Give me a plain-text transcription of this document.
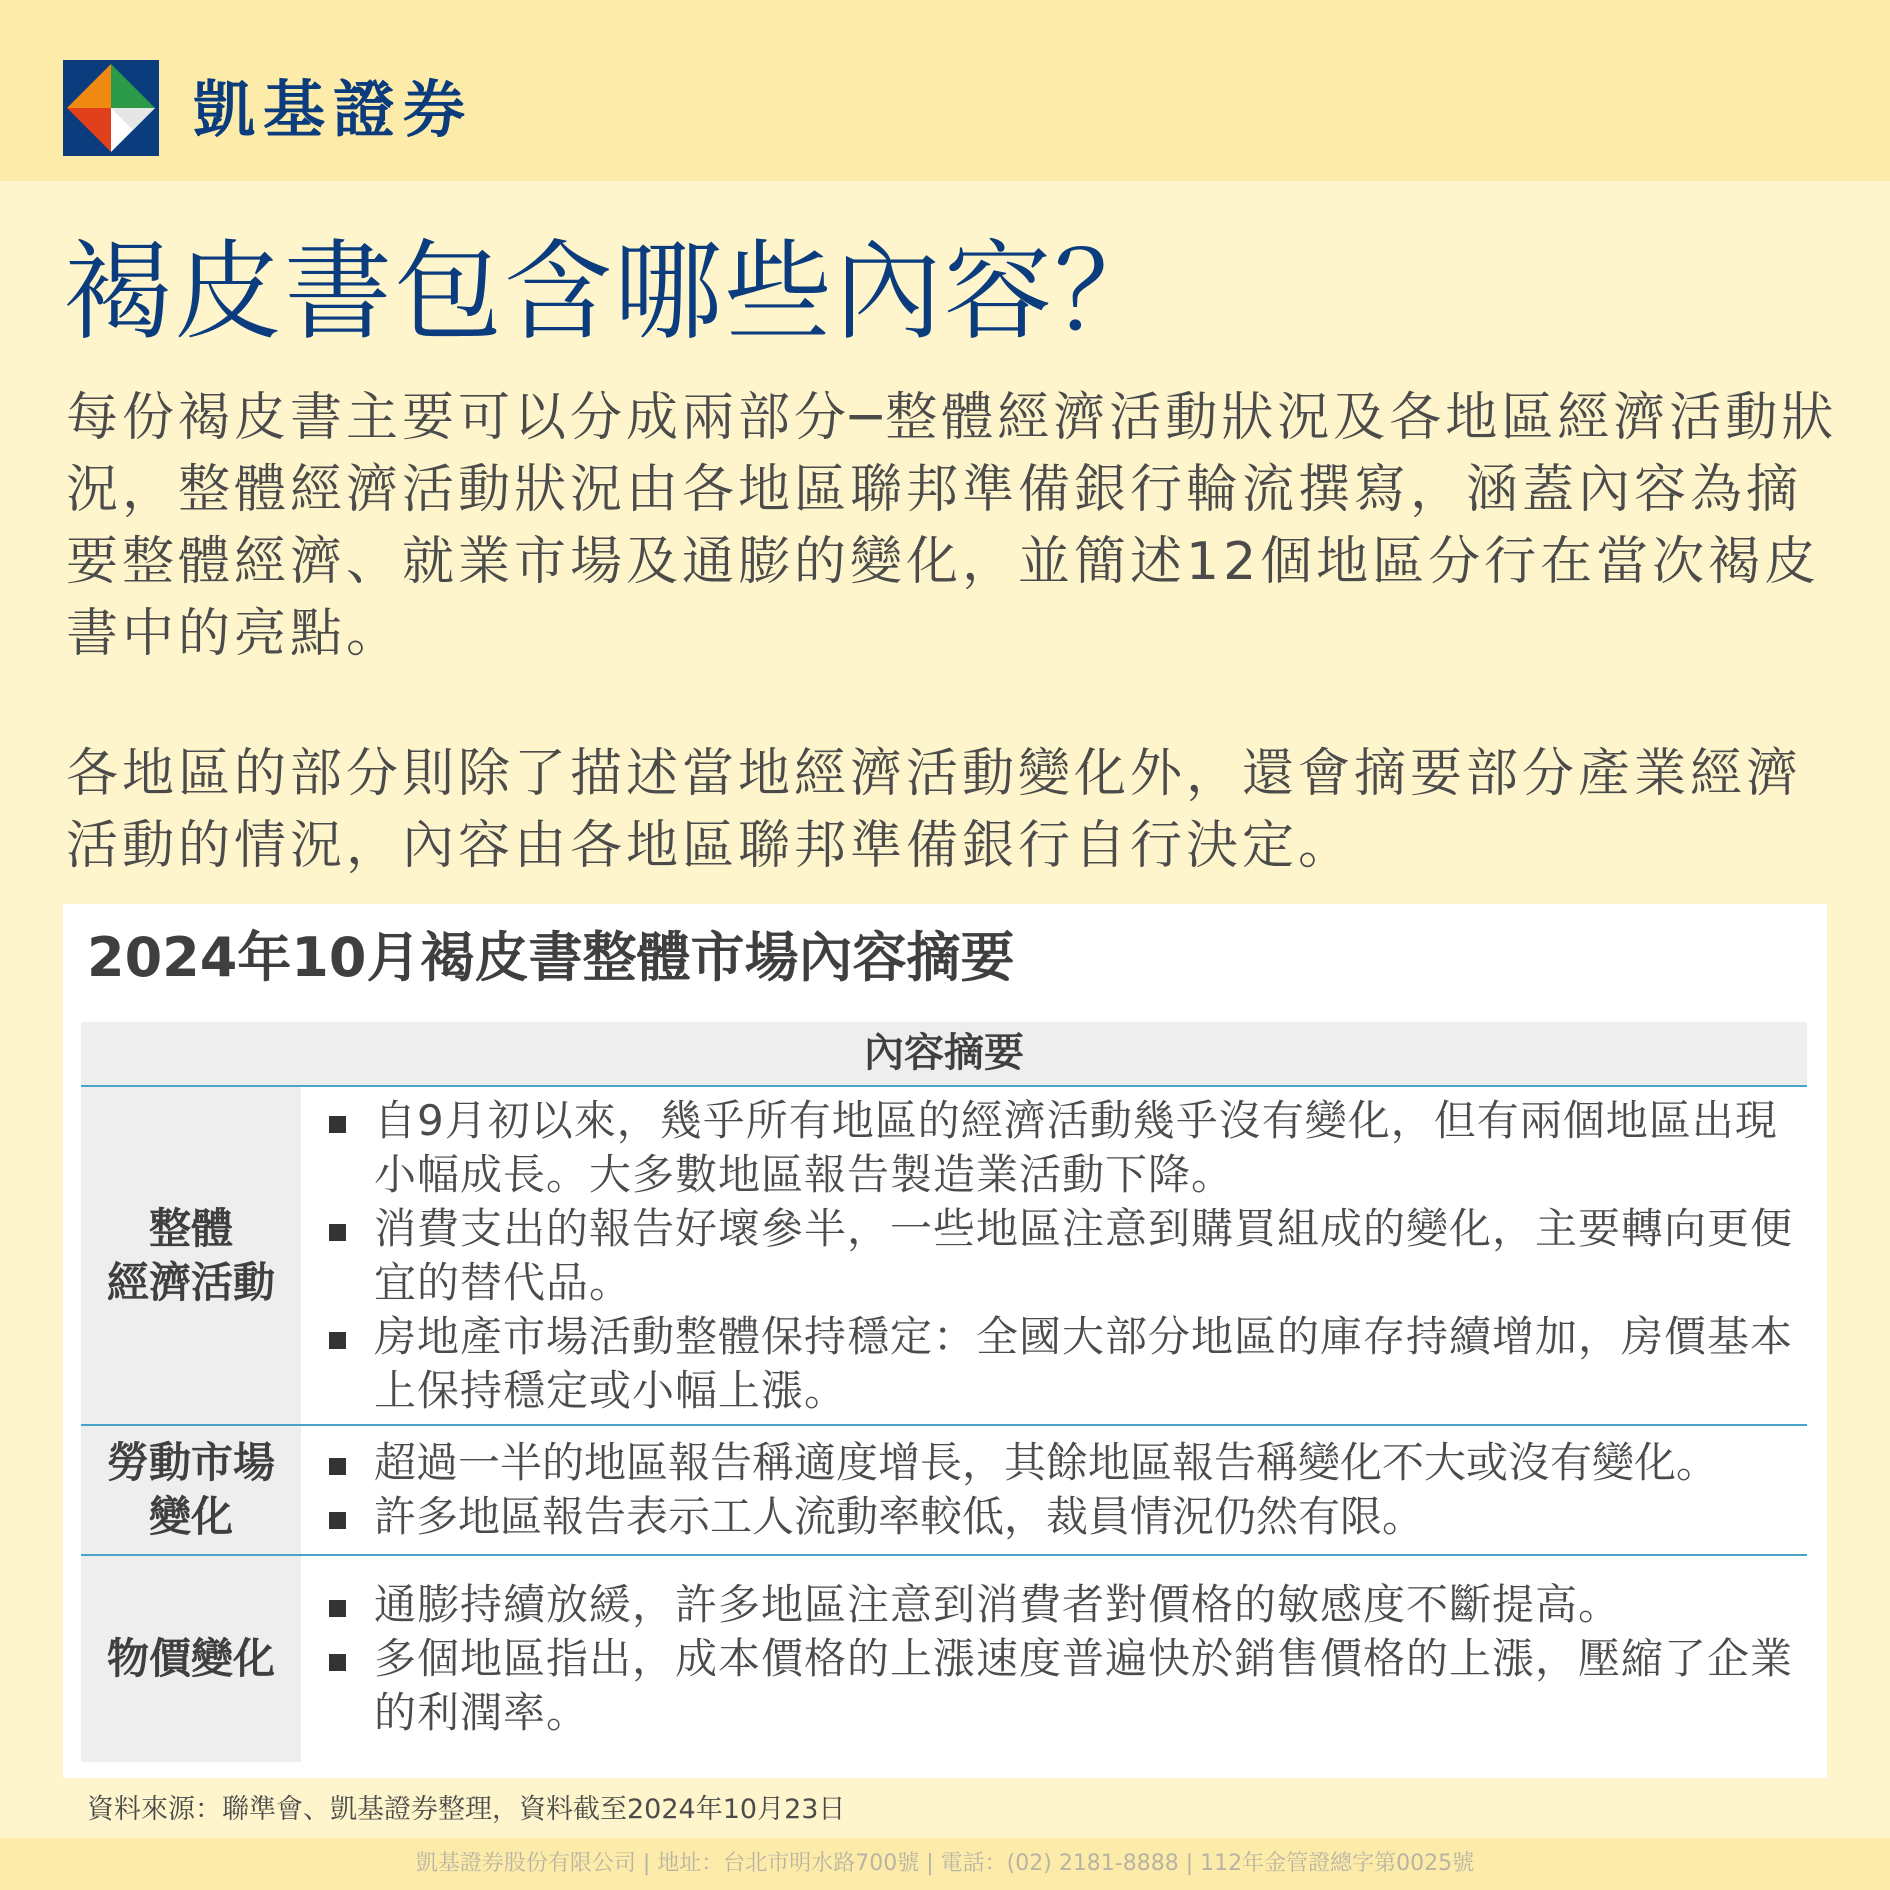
凱基證券
褐皮書包含哪些內容？

每份褐皮書主要可以分成兩部分─整體經濟活動狀況及各地區經濟活動狀況，整體經濟活動狀況由各地區聯邦準備銀行輪流撰寫，涵蓋內容為摘要整體經濟、就業市場及通膨的變化，並簡述12個地區分行在當次褐皮書中的亮點。

各地區的部分則除了描述當地經濟活動變化外，還會摘要部分產業經濟活動的情況，內容由各地區聯邦準備銀行自行決定。

2024年10月褐皮書整體市場內容摘要
內容摘要
整體
經濟活動
自9月初以來，幾乎所有地區的經濟活動幾乎沒有變化，但有兩個地區出現小幅成長。大多數地區報告製造業活動下降。
消費支出的報告好壞參半，一些地區注意到購買組成的變化，主要轉向更便宜的替代品。
房地產市場活動整體保持穩定：全國大部分地區的庫存持續增加，房價基本上保持穩定或小幅上漲。
勞動市場
變化
超過一半的地區報告稱適度增長，其餘地區報告稱變化不大或沒有變化。
許多地區報告表示工人流動率較低，裁員情況仍然有限。
物價變化
通膨持續放緩，許多地區注意到消費者對價格的敏感度不斷提高。
多個地區指出，成本價格的上漲速度普遍快於銷售價格的上漲，壓縮了企業的利潤率。
資料來源：聯準會、凱基證券整理，資料截至2024年10月23日
凱基證券股份有限公司 | 地址：台北市明水路700號 | 電話：(02) 2181-8888 | 112年金管證總字第0025號
